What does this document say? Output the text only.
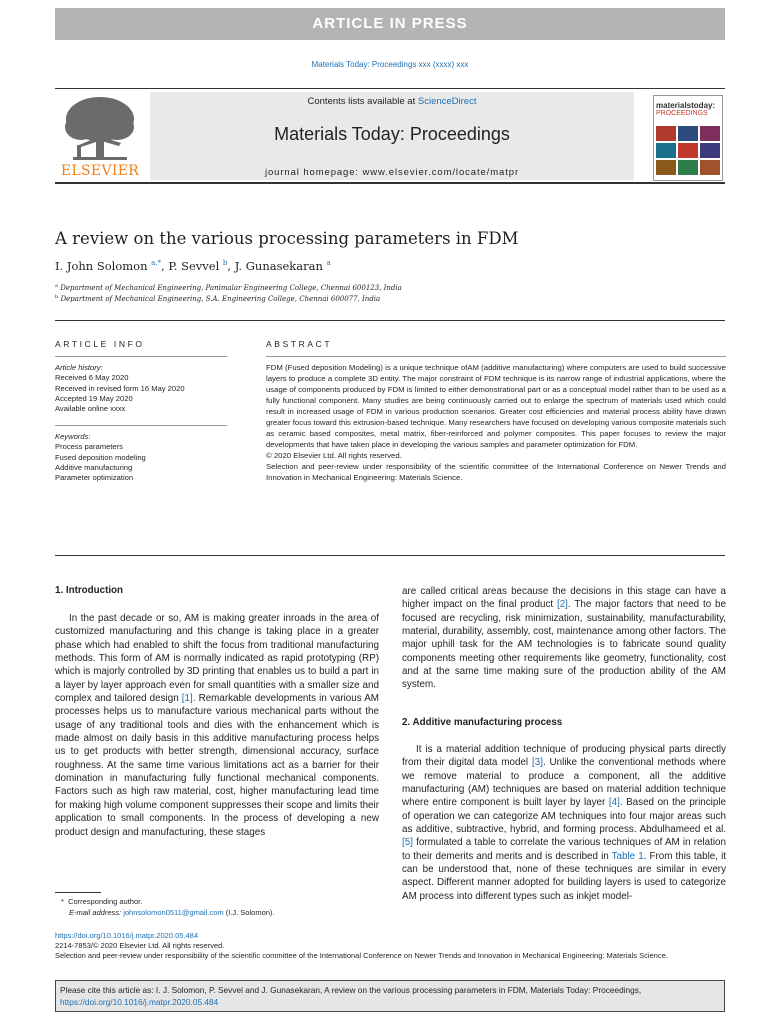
ARTICLE IN PRESS
Materials Today: Proceedings xxx (xxxx) xxx
ELSEVIER
Contents lists available at ScienceDirect
Materials Today: Proceedings
journal homepage: www.elsevier.com/locate/matpr
materialstoday:
PROCEEDINGS
A review on the various processing parameters in FDM
I. John Solomon $^{a,*}$, P. Sevvel $^b$, J. Gunasekaran $^a$
$^a$ Department of Mechanical Engineering, Panimalar Engineering College, Chennai 600123, India
$^b$ Department of Mechanical Engineering, S.A. Engineering College, Chennai 600077, India
ARTICLE INFO	ABSTRACT
Article history:
Received 6 May 2020
Received in revised form 16 May 2020
Accepted 19 May 2020
Available online xxxx
Keywords:
Process parameters
Fused deposition modeling
Additive manufacturing
Parameter optimization

FDM (Fused deposition Modeling) is a unique technique ofAM (additive manufacturing) where computers are used to build successive layers to produce a complete 3D entity. The major constraint of FDM technique is its narrow range of industrial applications, where the usage of components produced by FDM is limited to either demonstrational part or as a conceptual model rather than to be used as a fully functional component. Many studies are being continuously carried out to enlarge the spectrum of materials used which could result in increased usage of FDM in various production scenarios. Greater cost efficiencies and material process ability have drawn greater focus toward this extrusion-based technique. Many researchers have focused on developing various composite materials such as ceramic based composites, metal matrix, fiber-reinforced and polymer composites. This paper focuses to review the major developments that have taken place in developing the various samples and parameter optimization for FDM.

© 2020 Elsevier Ltd. All rights reserved.

Selection and peer-review under responsibility of the scientific committee of the International Conference on Newer Trends and Innovation in Mechanical Engineering: Materials Science.

1. Introduction

In the past decade or so, AM is making greater inroads in the area of customized manufacturing and this change is taking place in a greater phase which had enabled to shift the focus from traditional manufacturing methods. This form of AM is normally indicated as rapid prototyping (RP) which is majorly controlled by 3D printing that enables us to build a part in a layer by layer approach even for small quantities with a smaller size and complex and tailored design [1]. Remarkable developments in various AM processes helps us to manufacture various mechanical parts without the usage of any traditional tools and dies with the enhancement which is made almost on daily basis in this additive manufacturing process helps us to get products with better strength, dimensional accuracy, surface roughness. At the same time various limitations act as a barrier for their domination in manufacturing fully functional mechanical components. Factors such as high raw material, cost, higher manufacturing lead time for making high volume component suppresses their scope and limits their application to small components. In the process of developing a new product design and manufacturing, these stages

are called critical areas because the decisions in this stage can have a higher impact on the final product [2]. The major factors that need to be focused are recycling, risk minimization, sustainability, manufacturability, material, durability, assembly, cost, maintenance among other factors. The major uphill task for the AM technologies is to fabricate sound quality components meeting other requirements like geometry, functionality, cost and at the same time making sure of the production ability of the AM system.

2. Additive manufacturing process

It is a material addition technique of producing physical parts directly from their digital data model [3]. Unlike the conventional methods where we remove material to produce a component, all the additive manufacturing (AM) techniques are based on material addition technique where entire component is built layer by layer [4]. Based on the principle of operation we can categorize AM techniques into four major areas such as additive, subtractive, hybrid, and forming process. Abdulhameed et al. [5] formulated a table to correlate the various techniques of AM in relation to their demerits and merits and is described in Table 1. From this table, it can be understood that, none of these techniques are similar in every aspect. Different manner adopted for building layers is used to categorize AM process into different types such as inkjet model-

* Corresponding author.
E-mail address: johnsolomon0511@gmail.com (I.J. Solomon).
https://doi.org/10.1016/j.matpr.2020.05.484
2214-7853/© 2020 Elsevier Ltd. All rights reserved.
Selection and peer-review under responsibility of the scientific committee of the International Conference on Newer Trends and Innovation in Mechanical Engineering: Materials Science.
Please cite this article as: I. J. Solomon, P. Sevvel and J. Gunasekaran, A review on the various processing parameters in FDM, Materials Today: Proceedings, https://doi.org/10.1016/j.matpr.2020.05.484
